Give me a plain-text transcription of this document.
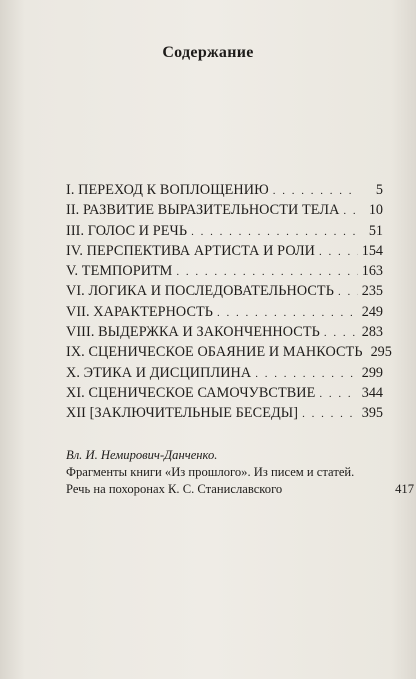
Содержание
I. ПЕРЕХОД К ВОПЛОЩЕНИЮ . . .	5
II. РАЗВИТИЕ ВЫРАЗИТЕЛЬНОСТИ ТЕЛА . . .	10
III. ГОЛОС И РЕЧЬ . . .	51
IV. ПЕРСПЕКТИВА АРТИСТА И РОЛИ . . .	154
V. ТЕМПОРИТМ . . .	163
VI. ЛОГИКА И ПОСЛЕДОВАТЕЛЬНОСТЬ . . . 235
VII. ХАРАКТЕРНОСТЬ . . .	249
VIII. ВЫДЕРЖКА И ЗАКОНЧЕННОСТЬ . . .	283
IX. СЦЕНИЧЕСКОЕ ОБАЯНИЕ И МАНКОСТЬ 295
X. ЭТИКА И ДИСЦИПЛИНА . . .	299
XI. СЦЕНИЧЕСКОЕ САМОЧУВСТВИЕ . . .	344
XII [ЗАКЛЮЧИТЕЛЬНЫЕ БЕСЕДЫ] . . .	395
Вл. И. Немирович-Данченко.
Фрагменты книги «Из прошлого». Из писем и статей.
Речь на похоронах К. С. Станиславского	417
